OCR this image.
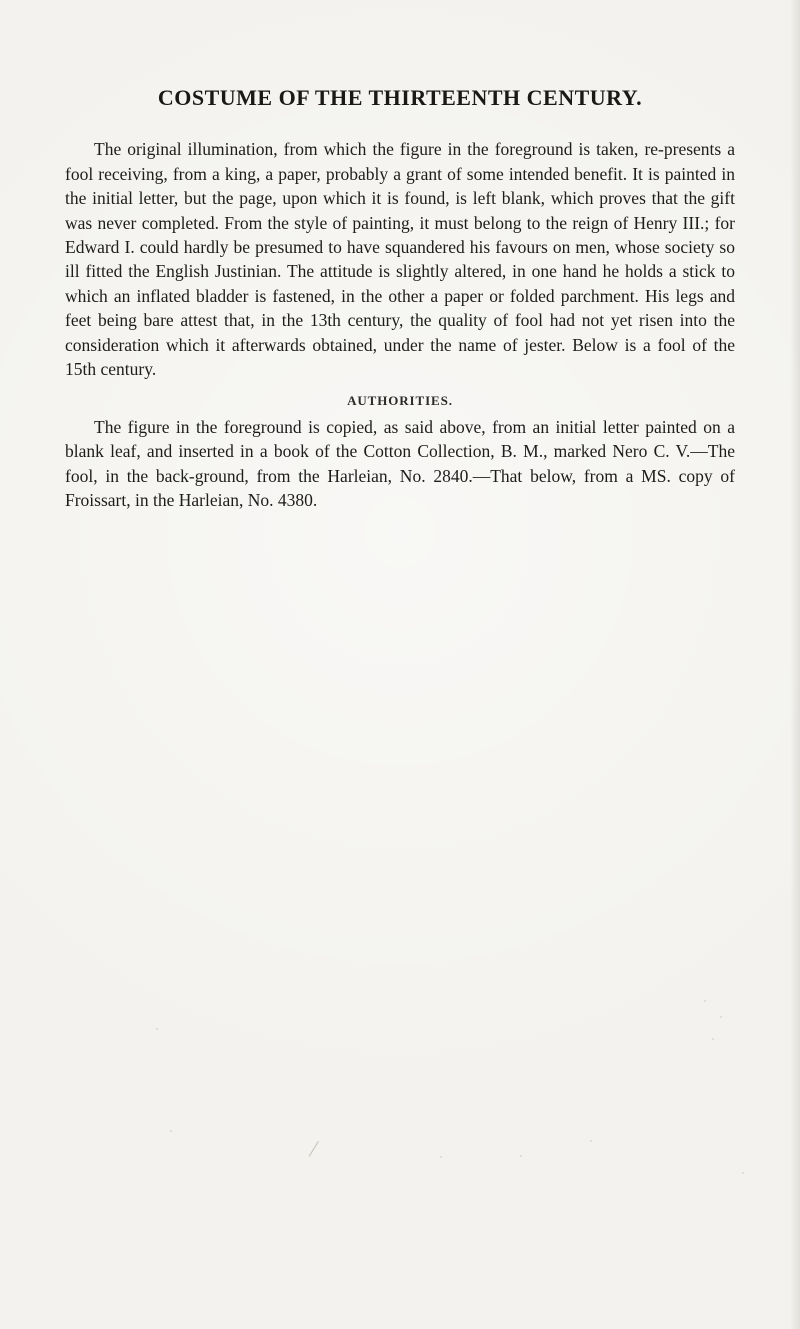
COSTUME OF THE THIRTEENTH CENTURY.

The original illumination, from which the figure in the foreground is taken, re-presents a fool receiving, from a king, a paper, probably a grant of some intended benefit. It is painted in the initial letter, but the page, upon which it is found, is left blank, which proves that the gift was never completed. From the style of painting, it must belong to the reign of Henry III.; for Edward I. could hardly be presumed to have squandered his favours on men, whose society so ill fitted the English Justinian. The attitude is slightly altered, in one hand he holds a stick to which an inflated bladder is fastened, in the other a paper or folded parchment. His legs and feet being bare attest that, in the 13th century, the quality of fool had not yet risen into the consideration which it afterwards obtained, under the name of jester. Below is a fool of the 15th century.

AUTHORITIES.

The figure in the foreground is copied, as said above, from an initial letter painted on a blank leaf, and inserted in a book of the Cotton Collection, B. M., marked Nero C. V.—The fool, in the back-ground, from the Harleian, No. 2840.—That below, from a MS. copy of Froissart, in the Harleian, No. 4380.
